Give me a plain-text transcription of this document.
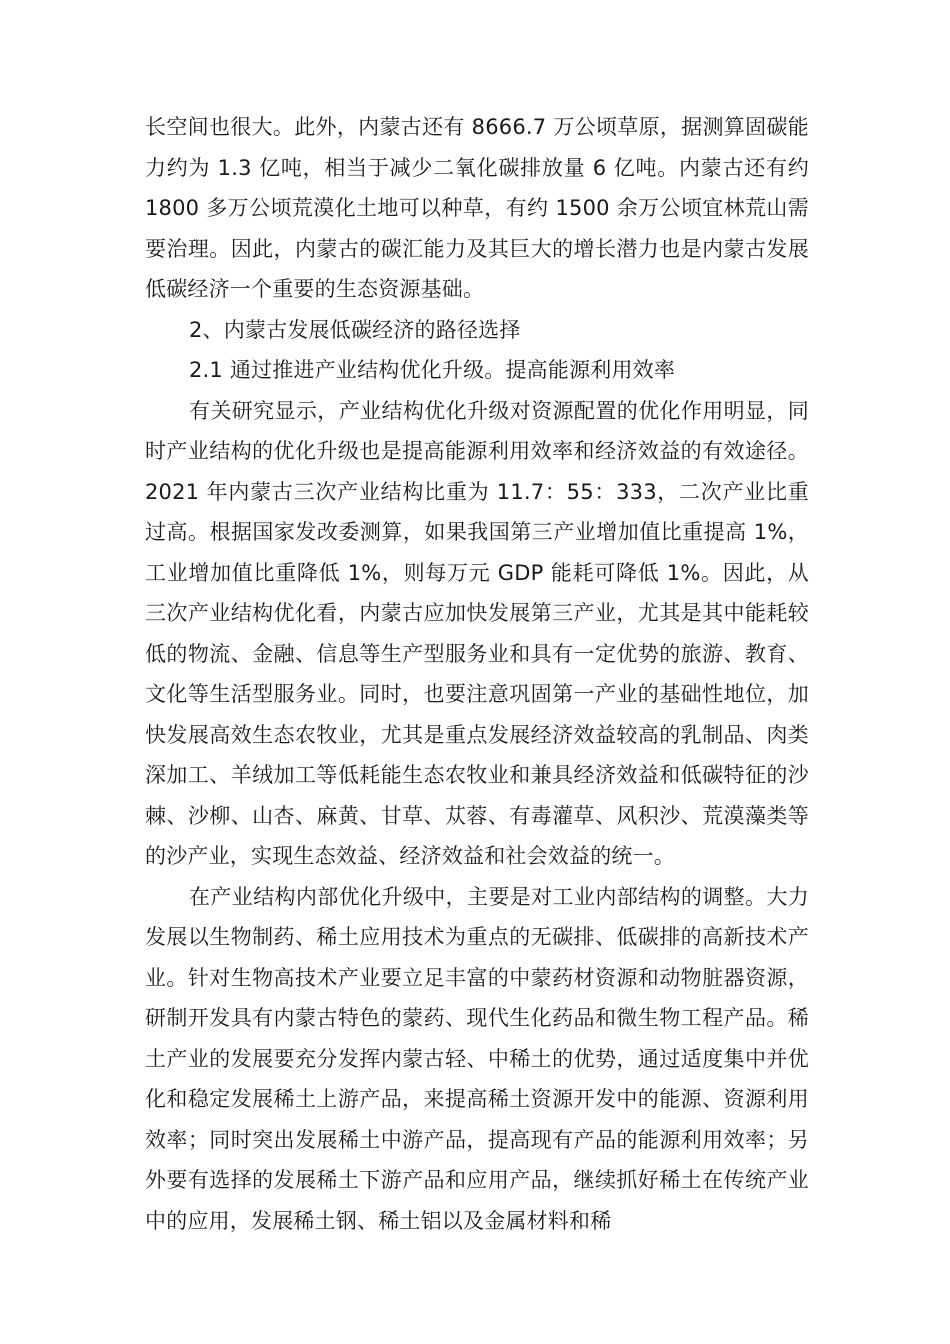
长空间也很大。此外，内蒙古还有 8666.7 万公顷草原，据测算固碳能力约为 1.3 亿吨，相当于减少二氧化碳排放量 6 亿吨。内蒙古还有约 1800 多万公顷荒漠化土地可以种草，有约 1500 余万公顷宜林荒山需要治理。因此，内蒙古的碳汇能力及其巨大的增长潜力也是内蒙古发展低碳经济一个重要的生态资源基础。

2、内蒙古发展低碳经济的路径选择

2.1 通过推进产业结构优化升级。提高能源利用效率

有关研究显示，产业结构优化升级对资源配置的优化作用明显，同时产业结构的优化升级也是提高能源利用效率和经济效益的有效途径。2021 年内蒙古三次产业结构比重为 11.7：55：333，二次产业比重过高。根据国家发改委测算，如果我国第三产业增加值比重提高 1%，工业增加值比重降低 1%，则每万元 GDP 能耗可降低 1%。因此，从三次产业结构优化看，内蒙古应加快发展第三产业，尤其是其中能耗较低的物流、金融、信息等生产型服务业和具有一定优势的旅游、教育、文化等生活型服务业。同时，也要注意巩固第一产业的基础性地位，加快发展高效生态农牧业，尤其是重点发展经济效益较高的乳制品、肉类深加工、羊绒加工等低耗能生态农牧业和兼具经济效益和低碳特征的沙棘、沙柳、山杏、麻黄、甘草、苁蓉、有毒灌草、风积沙、荒漠藻类等的沙产业，实现生态效益、经济效益和社会效益的统一。

在产业结构内部优化升级中，主要是对工业内部结构的调整。大力发展以生物制药、稀土应用技术为重点的无碳排、低碳排的高新技术产业。针对生物高技术产业要立足丰富的中蒙药材资源和动物脏器资源，研制开发具有内蒙古特色的蒙药、现代生化药品和微生物工程产品。稀土产业的发展要充分发挥内蒙古轻、中稀土的优势，通过适度集中并优化和稳定发展稀土上游产品，来提高稀土资源开发中的能源、资源利用效率；同时突出发展稀土中游产品，提高现有产品的能源利用效率；另外要有选择的发展稀土下游产品和应用产品，继续抓好稀土在传统产业中的应用，发展稀土钢、稀土铝以及金属材料和稀
